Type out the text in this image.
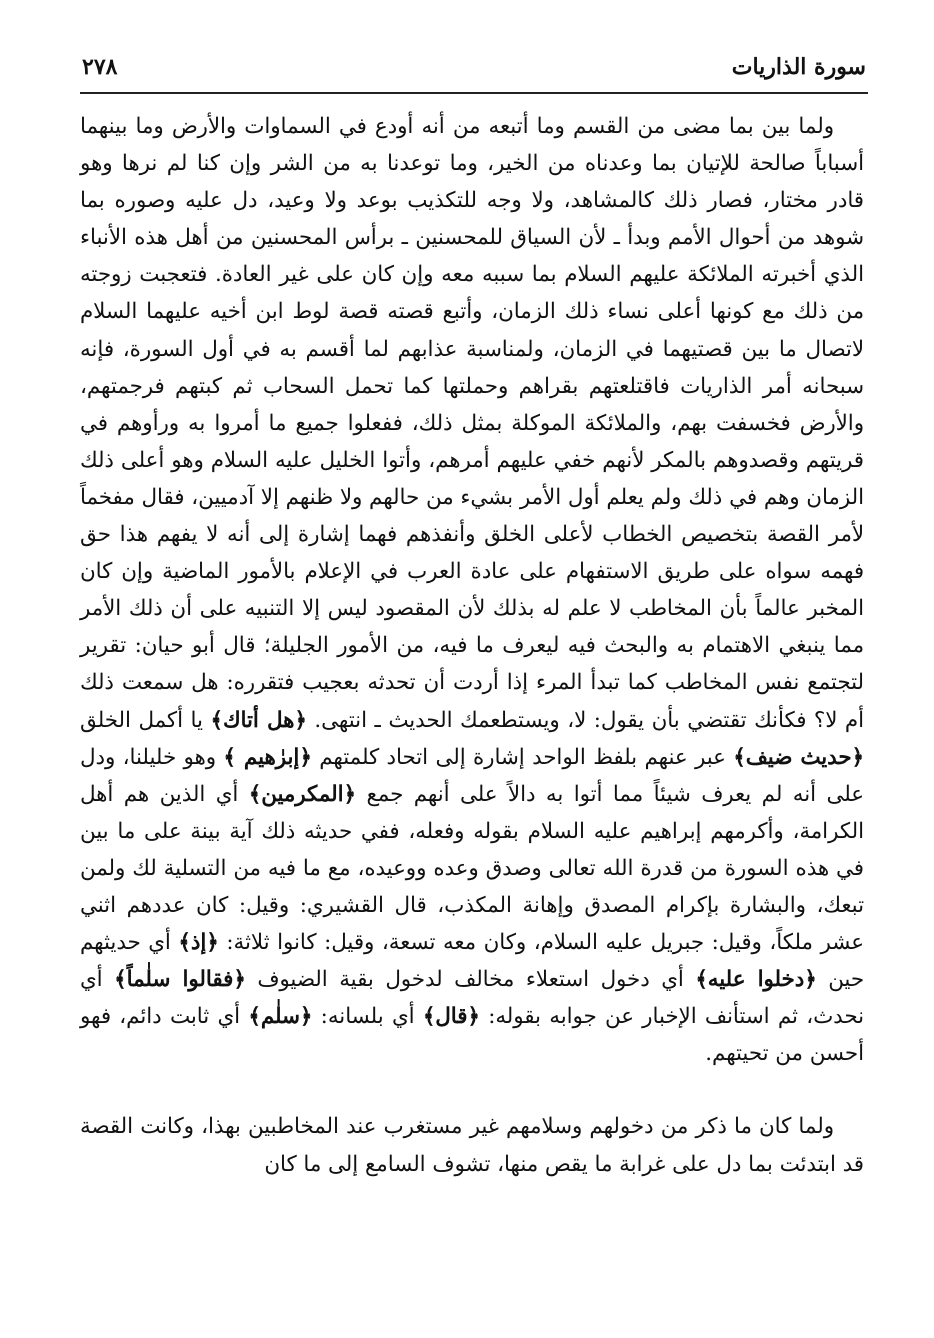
٢٧٨	سورة الذاريات

ولما بين بما مضى من القسم وما أتبعه من أنه أودع في السماوات والأرض وما بينهما أسباباً صالحة للإتيان بما وعدناه من الخير، وما توعدنا به من الشر وإن كنا لم نرها وهو قادر مختار، فصار ذلك كالمشاهد، ولا وجه للتكذيب بوعد ولا وعيد، دل عليه وصوره بما شوهد من أحوال الأمم وبدأ ـ لأن السياق للمحسنين ـ برأس المحسنين من أهل هذه الأنباء الذي أخبرته الملائكة عليهم السلام بما سببه معه وإن كان على غير العادة. فتعجبت زوجته من ذلك مع كونها أعلى نساء ذلك الزمان، وأتبع قصته قصة لوط ابن أخيه عليهما السلام لاتصال ما بين قصتيهما في الزمان، ولمناسبة عذابهم لما أقسم به في أول السورة، فإنه سبحانه أمر الذاريات فاقتلعتهم بقراهم وحملتها كما تحمل السحاب ثم كبتهم فرجمتهم، والأرض فخسفت بهم، والملائكة الموكلة بمثل ذلك، ففعلوا جميع ما أمروا به ورأوهم في قريتهم وقصدوهم بالمكر لأنهم خفي عليهم أمرهم، وأتوا الخليل عليه السلام وهو أعلى ذلك الزمان وهم في ذلك ولم يعلم أول الأمر بشيء من حالهم ولا ظنهم إلا آدميين، فقال مفخماً لأمر القصة بتخصيص الخطاب لأعلى الخلق وأنفذهم فهما إشارة إلى أنه لا يفهم هذا حق فهمه سواه على طريق الاستفهام على عادة العرب في الإعلام بالأمور الماضية وإن كان المخبر عالماً بأن المخاطب لا علم له بذلك لأن المقصود ليس إلا التنبيه على أن ذلك الأمر مما ينبغي الاهتمام به والبحث فيه ليعرف ما فيه، من الأمور الجليلة؛ قال أبو حيان: تقرير لتجتمع نفس المخاطب كما تبدأ المرء إذا أردت أن تحدثه بعجيب فتقرره: هل سمعت ذلك أم لا؟ فكأنك تقتضي بأن يقول: لا، ويستطعمك الحديث ـ انتهى. ﴿هل أتاك﴾ يا أكمل الخلق ﴿حديث ضيف﴾ عبر عنهم بلفظ الواحد إشارة إلى اتحاد كلمتهم ﴿إبرٰهيم ﴾ وهو خليلنا، ودل على أنه لم يعرف شيئاً مما أتوا به دالاً على أنهم جمع ﴿المكرمين﴾ أي الذين هم أهل الكرامة، وأكرمهم إبراهيم عليه السلام بقوله وفعله، ففي حديثه ذلك آية بينة على ما بين في هذه السورة من قدرة الله تعالى وصدق وعده ووعيده، مع ما فيه من التسلية لك ولمن تبعك، والبشارة بإكرام المصدق وإهانة المكذب، قال القشيري: وقيل: كان عددهم اثني عشر ملكاً، وقيل: جبريل عليه السلام، وكان معه تسعة، وقيل: كانوا ثلاثة: ﴿إذ﴾ أي حديثهم حين ﴿دخلوا عليه﴾ أي دخول استعلاء مخالف لدخول بقية الضيوف ﴿فقالوا سلٰماً﴾ أي نحدث، ثم استأنف الإخبار عن جوابه بقوله: ﴿قال﴾ أي بلسانه: ﴿سلٰم﴾ أي ثابت دائم، فهو أحسن من تحيتهم.

ولما كان ما ذكر من دخولهم وسلامهم غير مستغرب عند المخاطبين بهذا، وكانت القصة قد ابتدئت بما دل على غرابة ما يقص منها، تشوف السامع إلى ما كان
